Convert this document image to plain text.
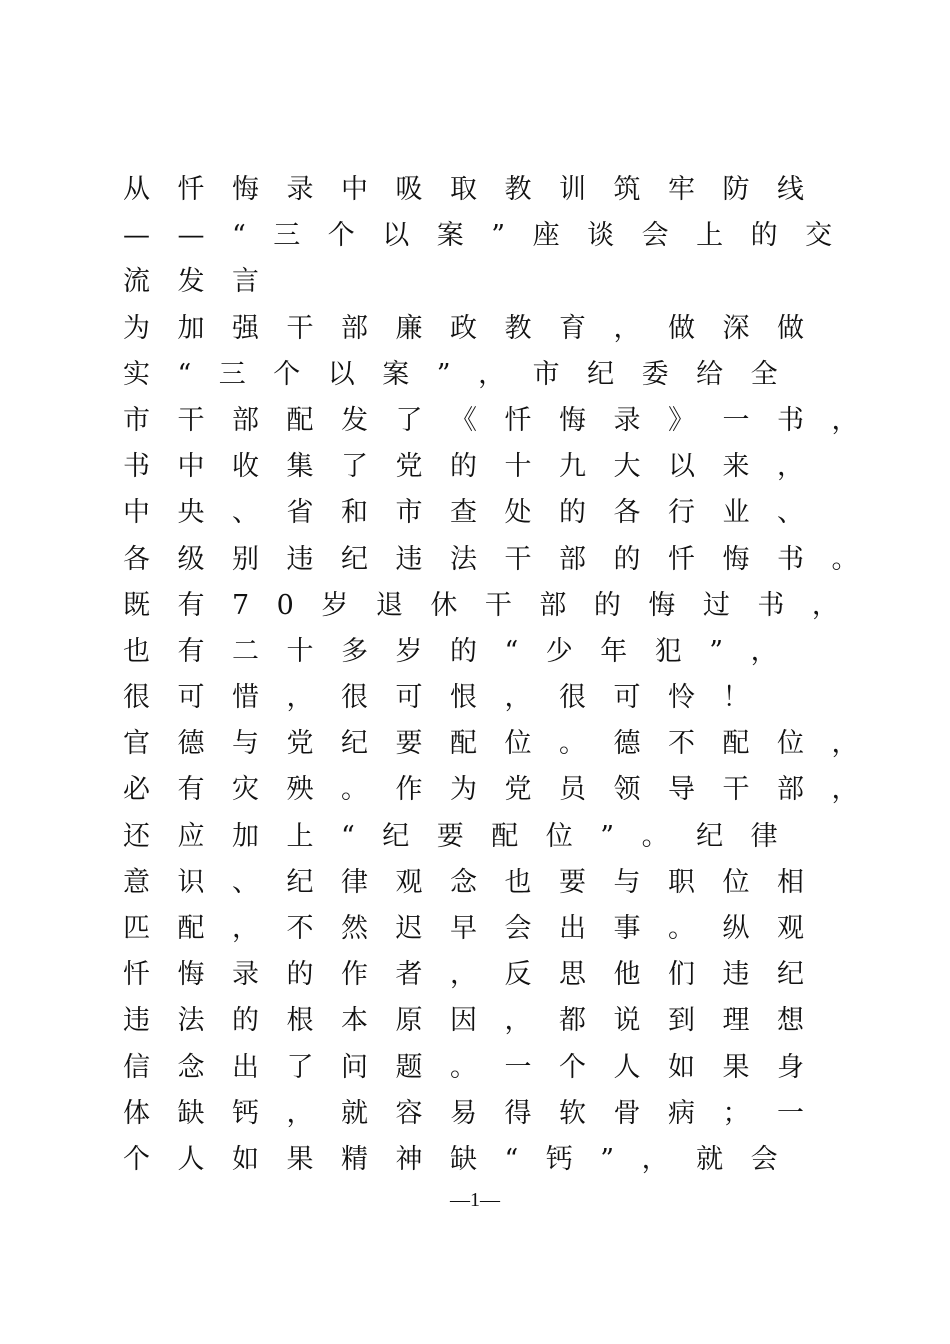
从忏悔录中吸取教训筑牢防线
——“三个以案”座谈会上的交
流发言
为加强干部廉政教育，做深做
实“三个以案”，市纪委给全
市干部配发了《忏悔录》一书，
书中收集了党的十九大以来，
中央、省和市查处的各行业、
各级别违纪违法干部的忏悔书。
既有70岁退休干部的悔过书，
也有二十多岁的“少年犯”，
很可惜，很可恨，很可怜！
官德与党纪要配位。德不配位，
必有灾殃。作为党员领导干部，
还应加上“纪要配位”。纪律
意识、纪律观念也要与职位相
匹配，不然迟早会出事。纵观
忏悔录的作者，反思他们违纪
违法的根本原因，都说到理想
信念出了问题。一个人如果身
体缺钙，就容易得软骨病；一
个人如果精神缺“钙”，就会
—1—
